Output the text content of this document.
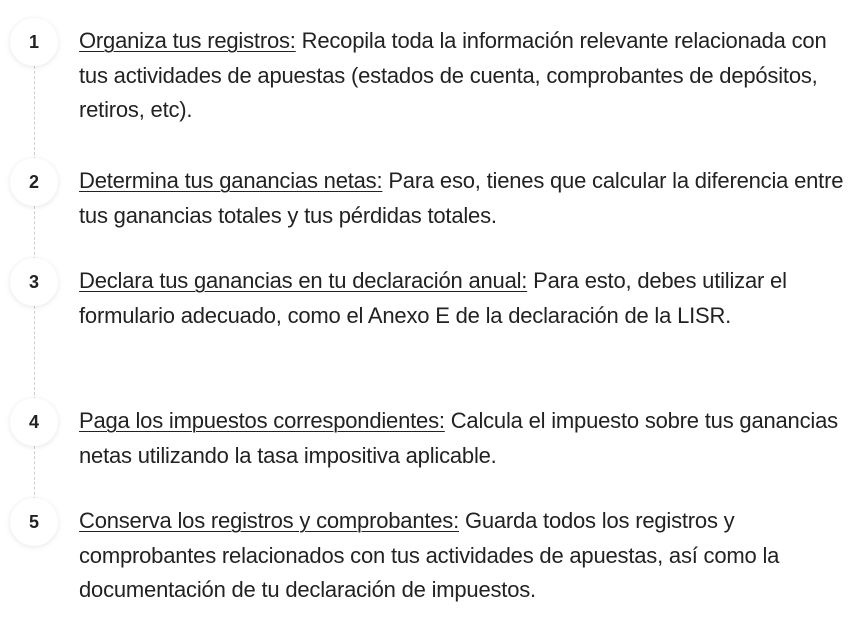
1	Organiza tus registros: Recopila toda la información relevante relacionada con tus actividades de apuestas (estados de cuenta, comprobantes de depósitos, retiros, etc).
2	Determina tus ganancias netas: Para eso, tienes que calcular la diferencia entre tus ganancias totales y tus pérdidas totales.
3	Declara tus ganancias en tu declaración anual: Para esto, debes utilizar el formulario adecuado, como el Anexo E de la declaración de la LISR.
4	Paga los impuestos correspondientes: Calcula el impuesto sobre tus ganancias netas utilizando la tasa impositiva aplicable.
5	Conserva los registros y comprobantes: Guarda todos los registros y comprobantes relacionados con tus actividades de apuestas, así como la documentación de tu declaración de impuestos.
